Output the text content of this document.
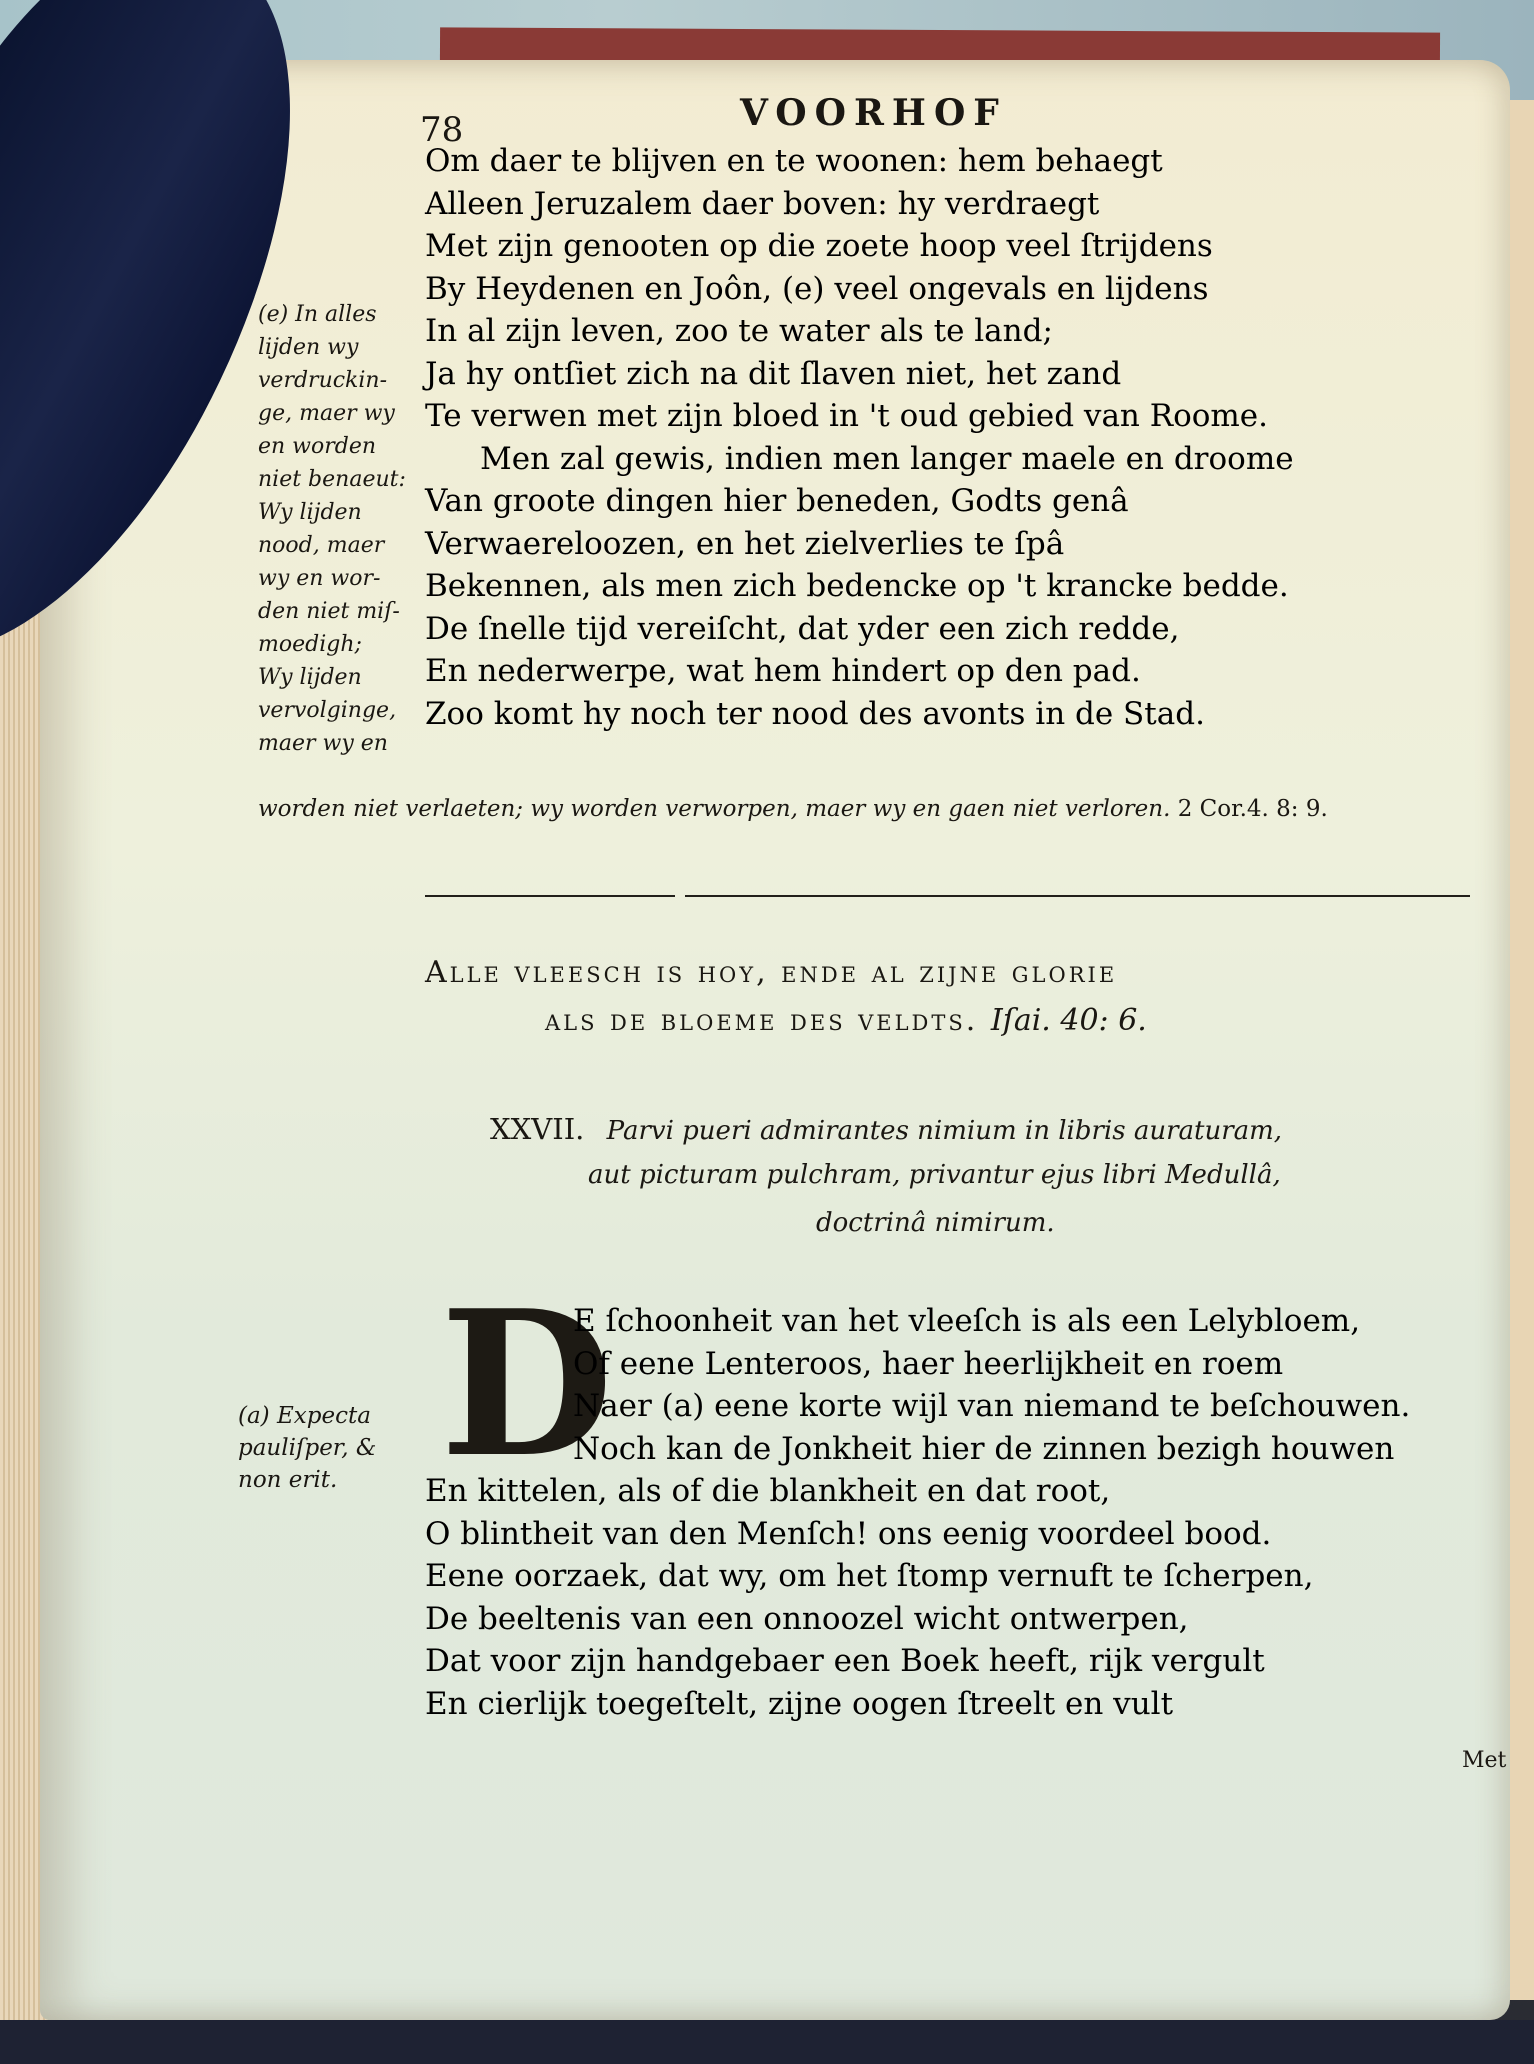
78	VOORHOF
Om daer te blijven en te woonen: hem behaegt
Alleen Jeruzalem daer boven: hy verdraegt
Met zijn genooten op die zoete hoop veel ſtrijdens
By Heydenen en Joôn, (e) veel ongevals en lijdens
In al zijn leven, zoo te water als te land;
Ja hy ontſiet zich na dit ſlaven niet, het zand
Te verwen met zijn bloed in 't oud gebied van Roome.
Men zal gewis, indien men langer maele en droome
Van groote dingen hier beneden, Godts genâ
Verwaereloozen, en het zielverlies te ſpâ
Bekennen, als men zich bedencke op 't krancke bedde.
De ſnelle tijd vereiſcht, dat yder een zich redde,
En nederwerpe, wat hem hindert op den pad.
Zoo komt hy noch ter nood des avonts in de Stad.
(e) In alles
lijden wy
verdruckin-
ge, maer wy
en worden
niet benaeut:
Wy lijden
nood, maer
wy en wor-
den niet miſ-
moedigh;
Wy lijden
vervolginge,
maer wy en
worden niet verlaeten; wy worden verworpen, maer wy en gaen niet verloren. 2 Cor.4. 8: 9.
Alle vleesch is hoy, ende al zijne glorie
als de bloeme des veldts. Iſai. 40: 6.
XXVII. Parvi pueri admirantes nimium in libris auraturam,
aut picturam pulchram, privantur ejus libri Medullâ,
doctrinâ nimirum.
D
E ſchoonheit van het vleeſch is als een Lelybloem,
Of eene Lenteroos, haer heerlijkheit en roem
Naer (a) eene korte wijl van niemand te beſchouwen.
Noch kan de Jonkheit hier de zinnen bezigh houwen
En kittelen, als of die blankheit en dat root,
O blintheit van den Menſch! ons eenig voordeel bood.
Eene oorzaek, dat wy, om het ſtomp vernuft te ſcherpen,
De beeltenis van een onnoozel wicht ontwerpen,
Dat voor zijn handgebaer een Boek heeft, rijk vergult
En cierlijk toegeſtelt, zijne oogen ſtreelt en vult
(a) Expecta
pauliſper, &
non erit.
Met
